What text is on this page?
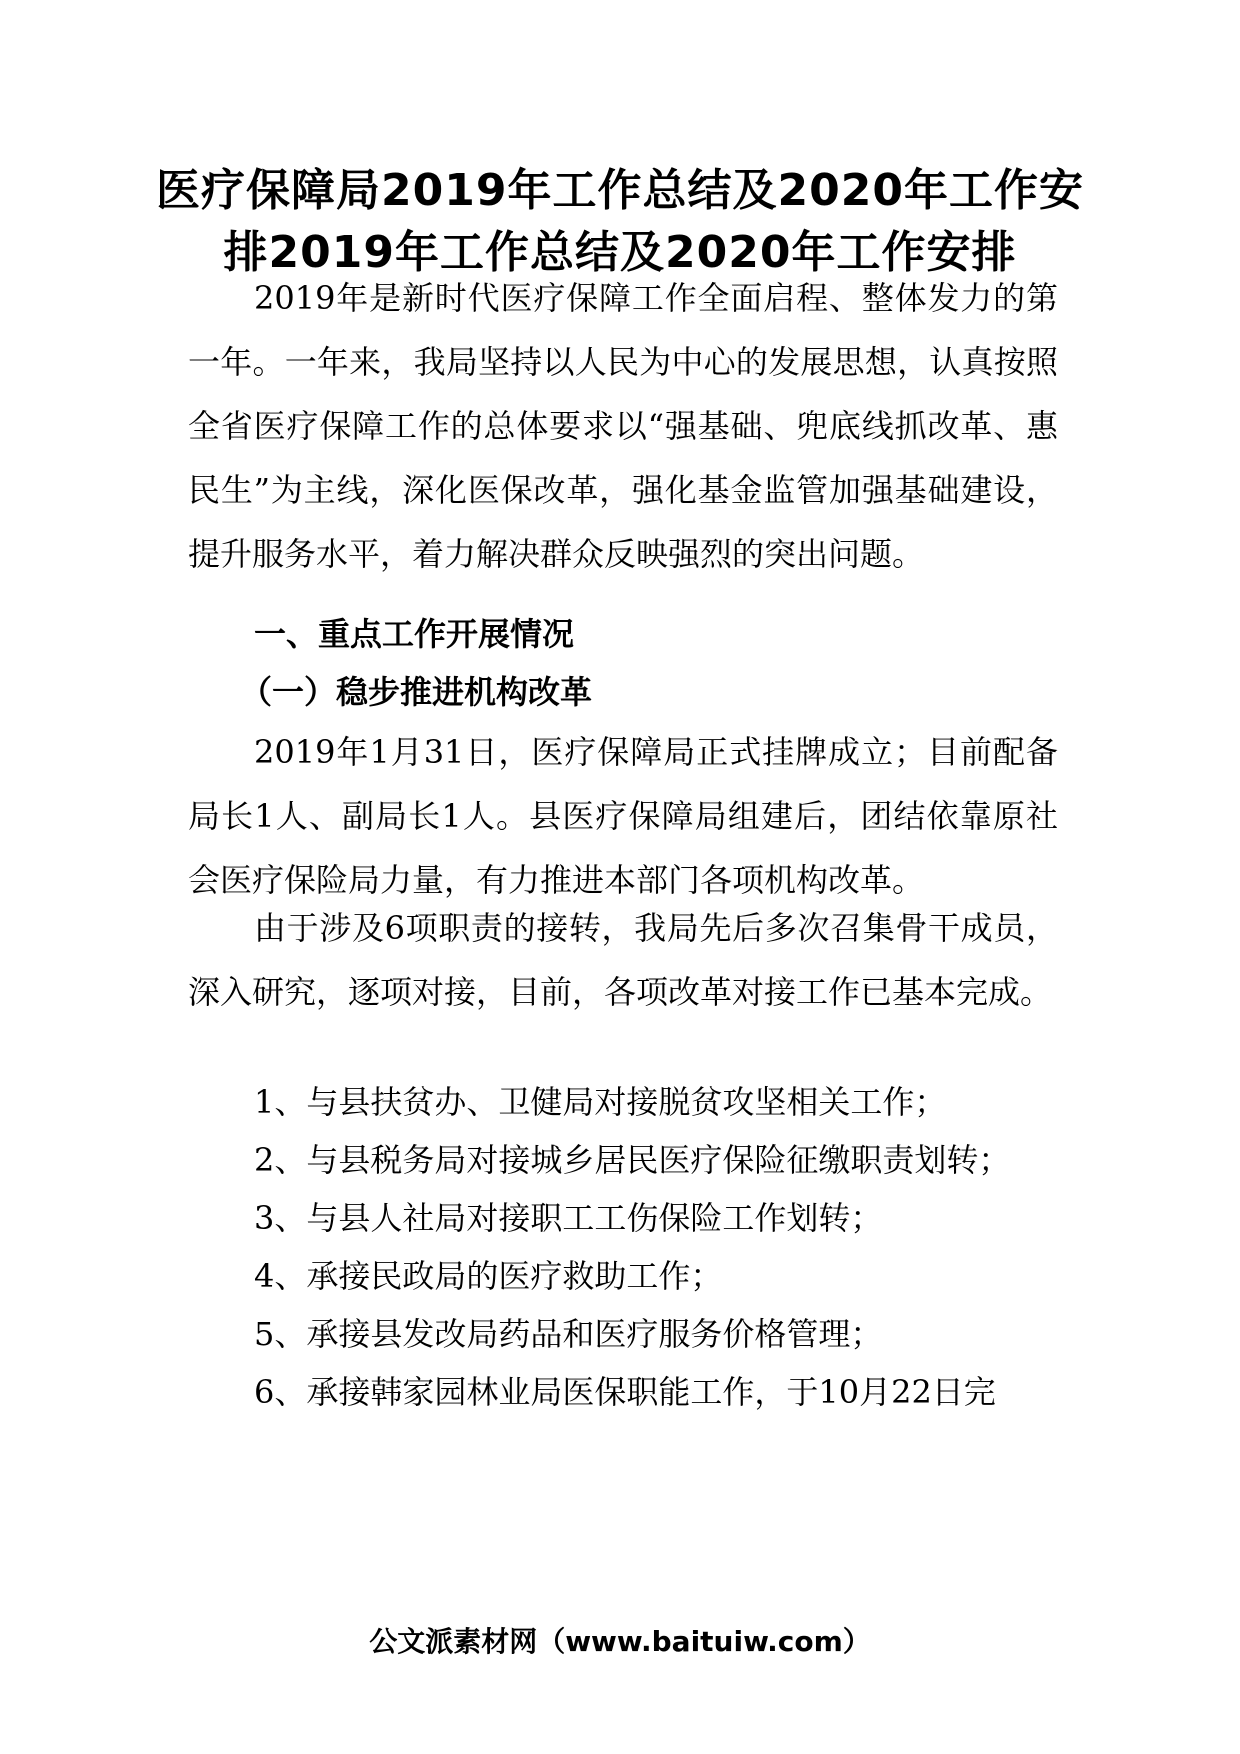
医疗保障局2019年工作总结及2020年工作安排2019年工作总结及2020年工作安排
2019年是新时代医疗保障工作全面启程、整体发力的第一年。一年来，我局坚持以人民为中心的发展思想，认真按照全省医疗保障工作的总体要求以“强基础、兜底线抓改革、惠民生”为主线，深化医保改革，强化基金监管加强基础建设，提升服务水平，着力解决群众反映强烈的突出问题。
一、重点工作开展情况
（一）稳步推进机构改革
2019年1月31日，医疗保障局正式挂牌成立；目前配备局长1人、副局长1人。县医疗保障局组建后，团结依靠原社会医疗保险局力量，有力推进本部门各项机构改革。
由于涉及6项职责的接转，我局先后多次召集骨干成员，深入研究，逐项对接，目前，各项改革对接工作已基本完成。
1、与县扶贫办、卫健局对接脱贫攻坚相关工作；
2、与县税务局对接城乡居民医疗保险征缴职责划转；
3、与县人社局对接职工工伤保险工作划转；
4、承接民政局的医疗救助工作；
5、承接县发改局药品和医疗服务价格管理；
6、承接韩家园林业局医保职能工作，于10月22日完
公文派素材网（www.baituiw.com）
